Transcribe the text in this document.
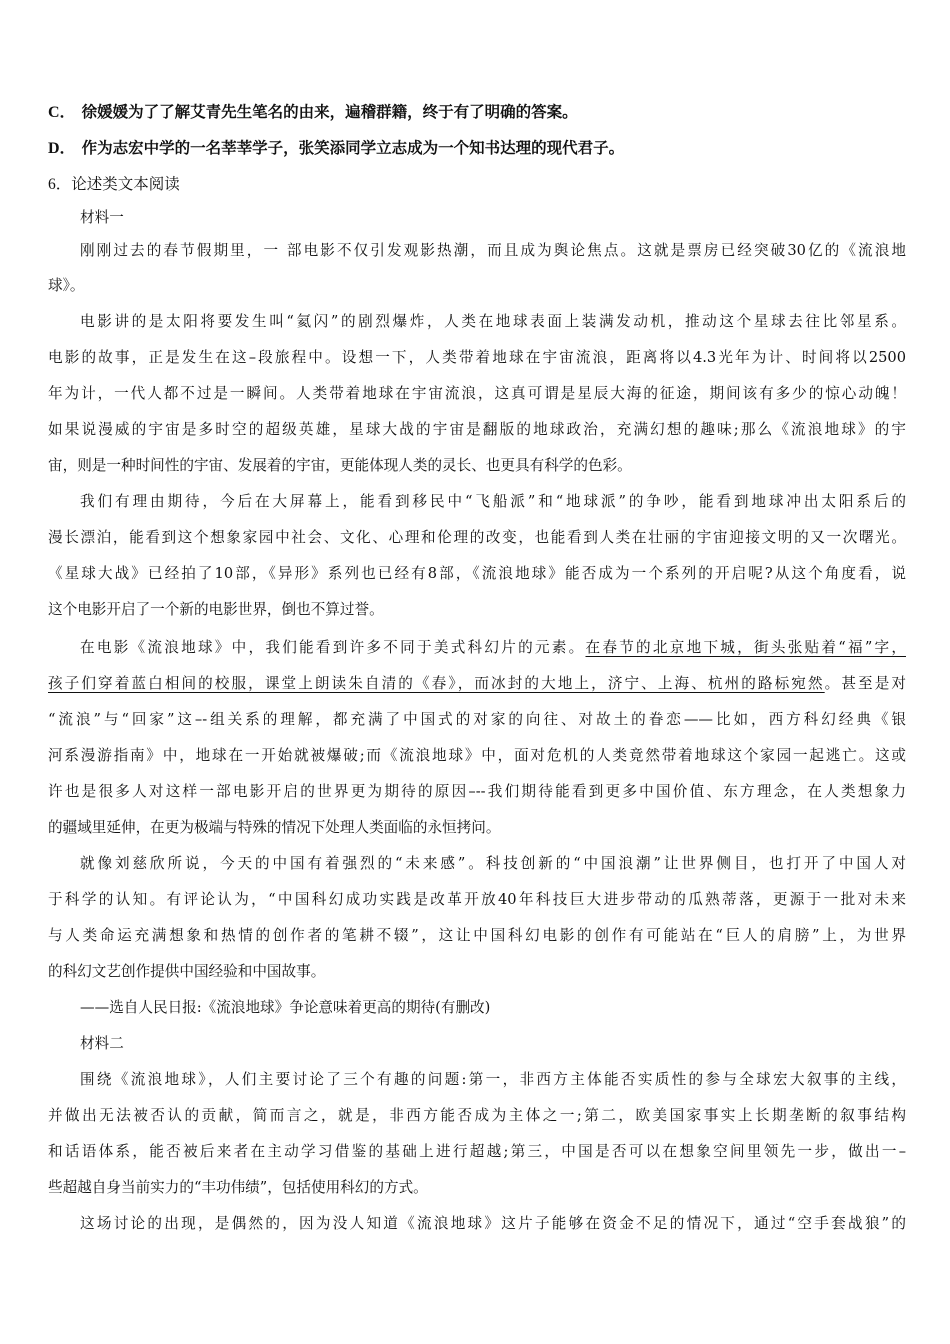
C． 徐媛媛为了了解艾青先生笔名的由来，遍稽群籍，终于有了明确的答案。
D． 作为志宏中学的一名莘莘学子，张笑添同学立志成为一个知书达理的现代君子。
6．论述类文本阅读
材料一
刚刚过去的春节假期里，一 部电影不仅引发观影热潮，而且成为舆论焦点。这就是票房已经突破30亿的《流浪地
球》。
电影讲的是太阳将要发生叫“氦闪”的剧烈爆炸，人类在地球表面上装满发动机，推动这个星球去往比邻星系。
电影的故事，正是发生在这–段旅程中。设想一下，人类带着地球在宇宙流浪，距离将以4.3光年为计、时间将以2500
年为计，一代人都不过是一瞬间。人类带着地球在宇宙流浪，这真可谓是星辰大海的征途，期间该有多少的惊心动魄！
如果说漫威的宇宙是多时空的超级英雄，星球大战的宇宙是翻版的地球政治，充满幻想的趣味;那么《流浪地球》的宇
宙，则是一种时间性的宇宙、发展着的宇宙，更能体现人类的灵长、也更具有科学的色彩。
我们有理由期待，今后在大屏幕上，能看到移民中“飞船派”和“地球派”的争吵，能看到地球冲出太阳系后的
漫长漂泊，能看到这个想象家园中社会、文化、心理和伦理的改变，也能看到人类在壮丽的宇宙迎接文明的又一次曙光。
《星球大战》已经拍了10部，《异形》系列也已经有8部，《流浪地球》能否成为一个系列的开启呢?从这个角度看，说
这个电影开启了一个新的电影世界，倒也不算过誉。
在电影《流浪地球》中，我们能看到许多不同于美式科幻片的元素。在春节的北京地下城，街头张贴着“福”字，
孩子们穿着蓝白相间的校服，课堂上朗读朱自清的《春》，而冰封的大地上，济宁、上海、杭州的路标宛然。甚至是对
“流浪”与“回家”这–-组关系的理解，都充满了中国式的对家的向往、对故土的眷恋——比如，西方科幻经典《银
河系漫游指南》中，地球在一开始就被爆破;而《流浪地球》中，面对危机的人类竟然带着地球这个家园一起逃亡。这或
许也是很多人对这样一部电影开启的世界更为期待的原因–--我们期待能看到更多中国价值、东方理念，在人类想象力
的疆域里延伸，在更为极端与特殊的情况下处理人类面临的永恒拷问。
就像刘慈欣所说，今天的中国有着强烈的“未来感”。科技创新的“中国浪潮”让世界侧目，也打开了中国人对
于科学的认知。有评论认为，“中国科幻成功实践是改革开放40年科技巨大进步带动的瓜熟蒂落，更源于一批对未来
与人类命运充满想象和热情的创作者的笔耕不辍”，这让中国科幻电影的创作有可能站在“巨人的肩膀”上，为世界
的科幻文艺创作提供中国经验和中国故事。
——选自人民日报:《流浪地球》争论意味着更高的期待(有删改)
材料二
围绕《流浪地球》，人们主要讨论了三个有趣的问题:第一，非西方主体能否实质性的参与全球宏大叙事的主线，
并做出无法被否认的贡献，简而言之，就是，非西方能否成为主体之一;第二，欧美国家事实上长期垄断的叙事结构
和话语体系，能否被后来者在主动学习借鉴的基础上进行超越;第三，中国是否可以在想象空间里领先一步，做出一–
些超越自身当前实力的“丰功伟绩”，包括使用科幻的方式。
这场讨论的出现，是偶然的，因为没人知道《流浪地球》这片子能够在资金不足的情况下，通过“空手套战狼”的
